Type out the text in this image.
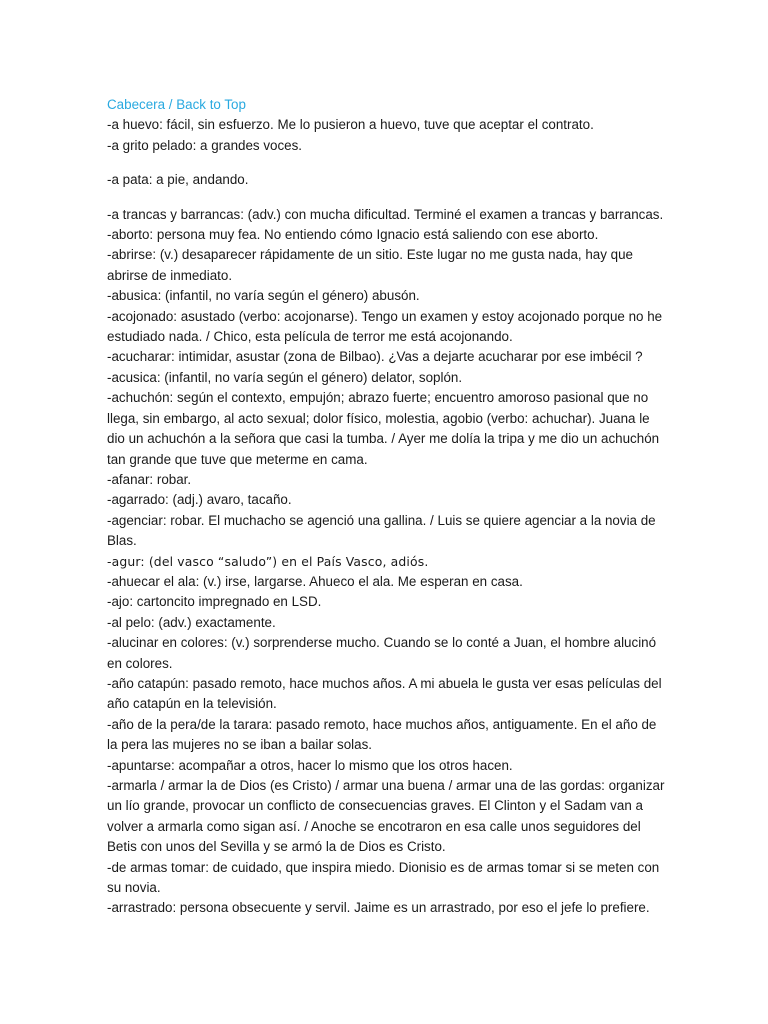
Cabecera / Back to Top

-a huevo: fácil, sin esfuerzo. Me lo pusieron a huevo, tuve que aceptar el contrato.

-a grito pelado: a grandes voces.

-a pata: a pie, andando.

-a trancas y barrancas: (adv.) con mucha dificultad. Terminé el examen a trancas y barrancas.

-aborto: persona muy fea. No entiendo cómo Ignacio está saliendo con ese aborto.

-abrirse: (v.) desaparecer rápidamente de un sitio. Este lugar no me gusta nada, hay que abrirse de inmediato.

-abusica: (infantil, no varía según el género) abusón.

-acojonado: asustado (verbo: acojonarse). Tengo un examen y estoy acojonado porque no he estudiado nada. / Chico, esta película de terror me está acojonando.

-acucharar: intimidar, asustar (zona de Bilbao). ¿Vas a dejarte acucharar por ese imbécil ?

-acusica: (infantil, no varía según el género) delator, soplón.

-achuchón: según el contexto, empujón; abrazo fuerte; encuentro amoroso pasional que no llega, sin embargo, al acto sexual; dolor físico, molestia, agobio (verbo: achuchar). Juana le dio un achuchón a la señora que casi la tumba. / Ayer me dolía la tripa y me dio un achuchón tan grande que tuve que meterme en cama.

-afanar: robar.

-agarrado: (adj.) avaro, tacaño.

-agenciar: robar. El muchacho se agenció una gallina. / Luis se quiere agenciar a la novia de Blas.

-agur: (del vasco “saludo”) en el País Vasco, adiós.

-ahuecar el ala: (v.) irse, largarse. Ahueco el ala. Me esperan en casa.

-ajo: cartoncito impregnado en LSD.

-al pelo: (adv.) exactamente.

-alucinar en colores: (v.) sorprenderse mucho. Cuando se lo conté a Juan, el hombre alucinó en colores.

-año catapún: pasado remoto, hace muchos años. A mi abuela le gusta ver esas películas del año catapún en la televisión.

-año de la pera/de la tarara: pasado remoto, hace muchos años, antiguamente. En el año de la pera las mujeres no se iban a bailar solas.

-apuntarse: acompañar a otros, hacer lo mismo que los otros hacen.

-armarla / armar la de Dios (es Cristo) / armar una buena / armar una de las gordas: organizar un lío grande, provocar un conflicto de consecuencias graves. El Clinton y el Sadam van a volver a armarla como sigan así. / Anoche se encotraron en esa calle unos seguidores del Betis con unos del Sevilla y se armó la de Dios es Cristo.

-de armas tomar: de cuidado, que inspira miedo. Dionisio es de armas tomar si se meten con su novia.

-arrastrado: persona obsecuente y servil. Jaime es un arrastrado, por eso el jefe lo prefiere.
